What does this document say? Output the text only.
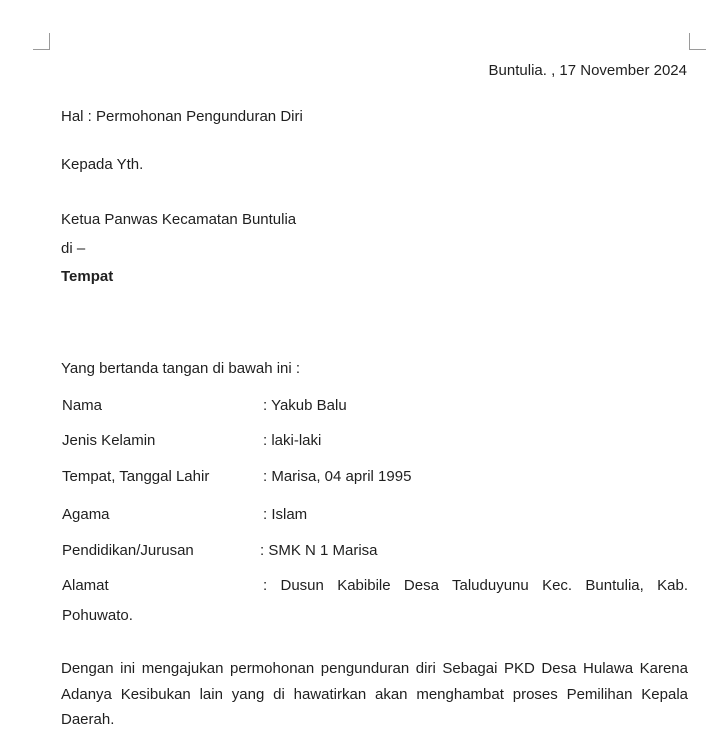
Buntulia. , 17 November 2024
Hal : Permohonan Pengunduran Diri
Kepada Yth.
Ketua Panwas Kecamatan Buntulia
di –
Tempat
Yang bertanda tangan di bawah ini :
Nama	: Yakub Balu
Jenis Kelamin	: laki-laki
Tempat, Tanggal Lahir	: Marisa, 04 april 1995
Agama	: Islam
Pendidikan/Jurusan	: SMK N 1 Marisa
Alamat	: Dusun Kabibile Desa Taluduyunu Kec. Buntulia, Kab.
Pohuwato.
Dengan ini mengajukan permohonan pengunduran diri Sebagai PKD Desa Hulawa Karena Adanya Kesibukan lain yang di hawatirkan akan menghambat proses Pemilihan Kepala Daerah.
